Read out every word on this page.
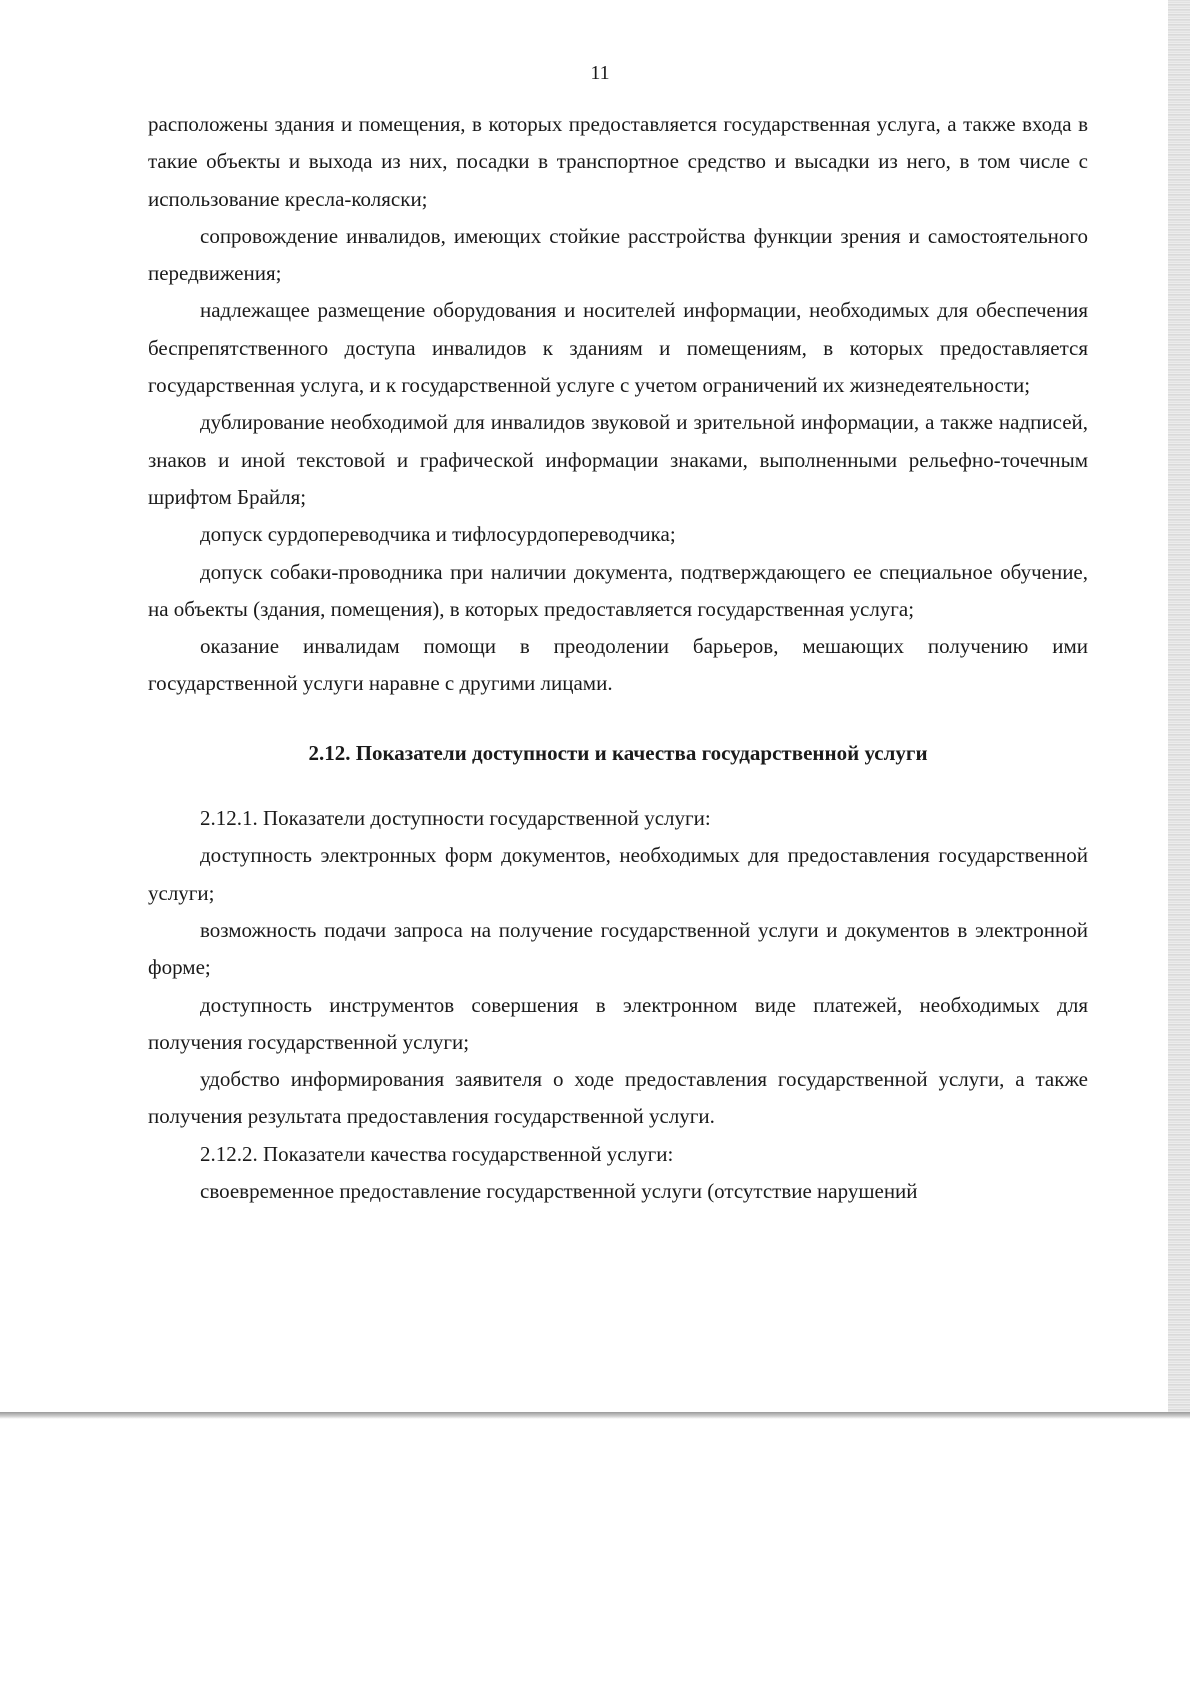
11

расположены здания и помещения, в которых предоставляется государственная услуга, а также входа в такие объекты и выхода из них, посадки в транспортное средство и высадки из него, в том числе с использование кресла-коляски;

сопровождение инвалидов, имеющих стойкие расстройства функции зрения и самостоятельного передвижения;

надлежащее размещение оборудования и носителей информации, необходимых для обеспечения беспрепятственного доступа инвалидов к зданиям и помещениям, в которых предоставляется государственная услуга, и к государственной услуге с учетом ограничений их жизнедеятельности;

дублирование необходимой для инвалидов звуковой и зрительной информации, а также надписей, знаков и иной текстовой и графической информации знаками, выполненными рельефно-точечным шрифтом Брайля;

допуск сурдопереводчика и тифлосурдопереводчика;

допуск собаки-проводника при наличии документа, подтверждающего ее специальное обучение, на объекты (здания, помещения), в которых предоставляется государственная услуга;

оказание инвалидам помощи в преодолении барьеров, мешающих получению ими государственной услуги наравне с другими лицами.

2.12. Показатели доступности и качества государственной услуги

2.12.1. Показатели доступности государственной услуги:

доступность электронных форм документов, необходимых для предоставления государственной услуги;

возможность подачи запроса на получение государственной услуги и документов в электронной форме;

доступность инструментов совершения в электронном виде платежей, необходимых для получения государственной услуги;

удобство информирования заявителя о ходе предоставления государственной услуги, а также получения результата предоставления государственной услуги.

2.12.2. Показатели качества государственной услуги:

своевременное предоставление государственной услуги (отсутствие нарушений
